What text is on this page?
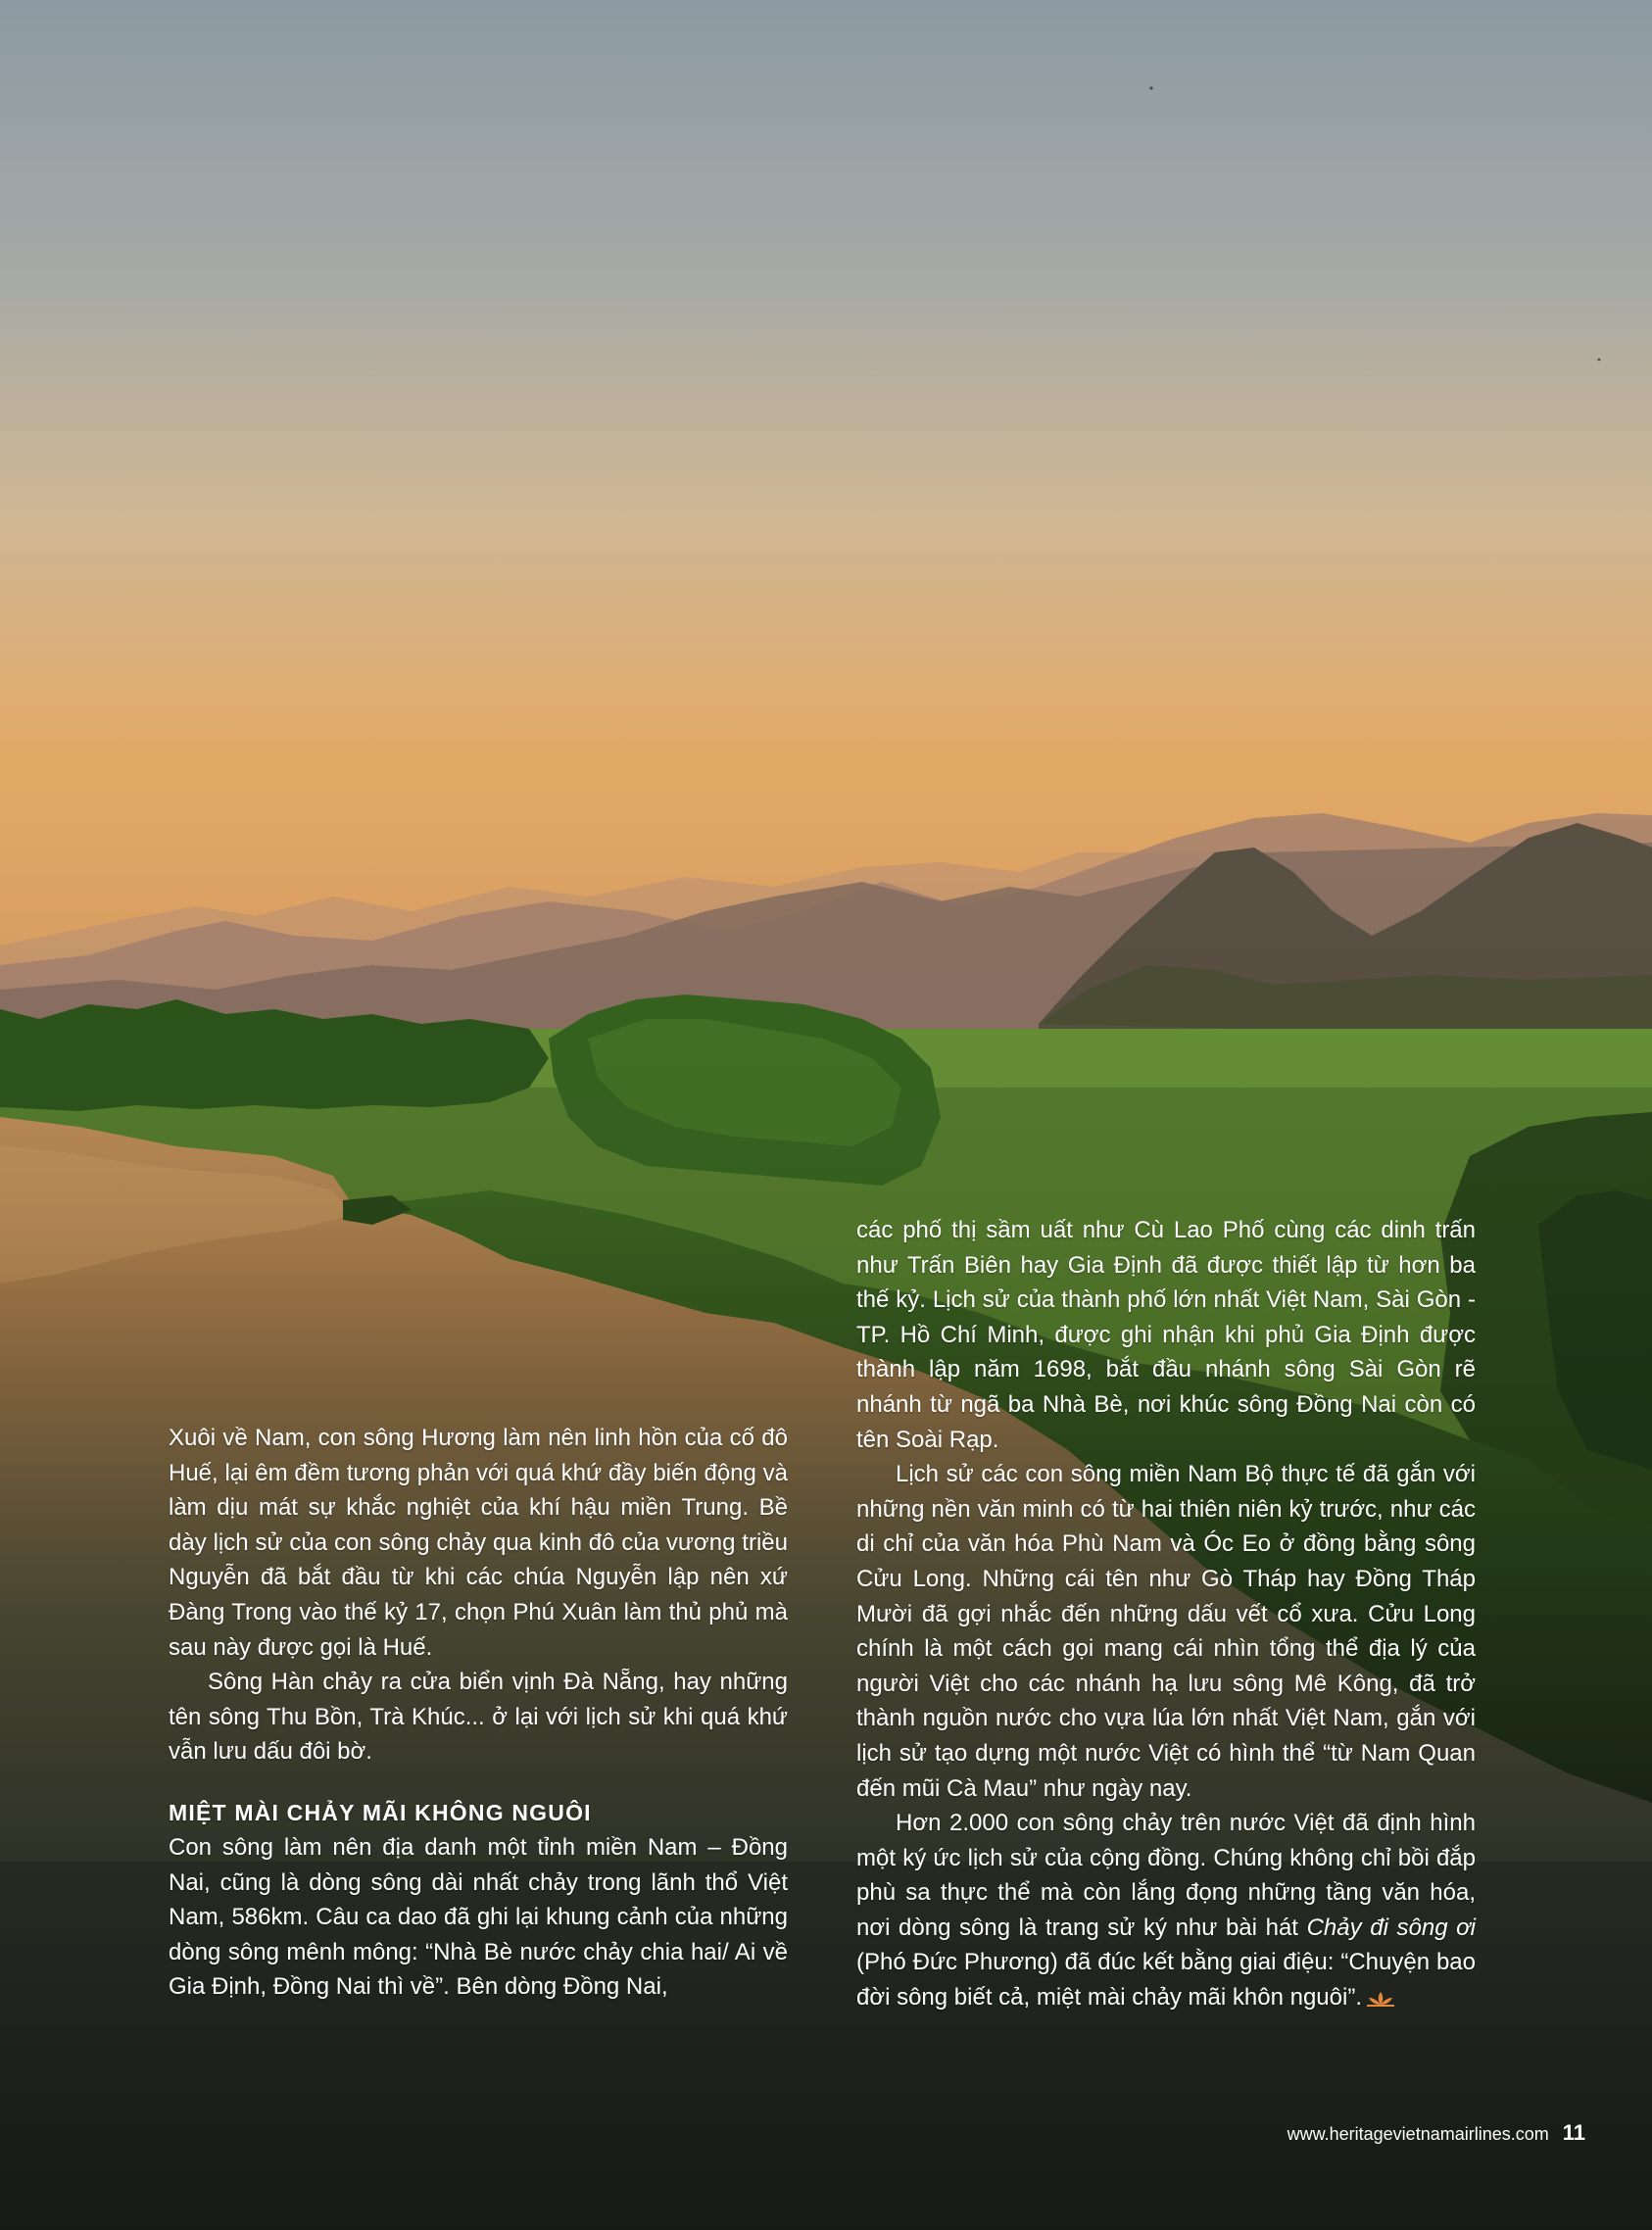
Xuôi về Nam, con sông Hương làm nên linh hồn của cố đô Huế, lại êm đềm tương phản với quá khứ đầy biến động và làm dịu mát sự khắc nghiệt của khí hậu miền Trung. Bề dày lịch sử của con sông chảy qua kinh đô của vương triều Nguyễn đã bắt đầu từ khi các chúa Nguyễn lập nên xứ Đàng Trong vào thế kỷ 17, chọn Phú Xuân làm thủ phủ mà sau này được gọi là Huế.

Sông Hàn chảy ra cửa biển vịnh Đà Nẵng, hay những tên sông Thu Bồn, Trà Khúc... ở lại với lịch sử khi quá khứ vẫn lưu dấu đôi bờ.

MIỆT MÀI CHẢY MÃI KHÔNG NGUÔI

Con sông làm nên địa danh một tỉnh miền Nam – Đồng Nai, cũng là dòng sông dài nhất chảy trong lãnh thổ Việt Nam, 586km. Câu ca dao đã ghi lại khung cảnh của những dòng sông mênh mông: “Nhà Bè nước chảy chia hai/ Ai về Gia Định, Đồng Nai thì về”. Bên dòng Đồng Nai,

các phố thị sầm uất như Cù Lao Phố cùng các dinh trấn như Trấn Biên hay Gia Định đã được thiết lập từ hơn ba thế kỷ. Lịch sử của thành phố lớn nhất Việt Nam, Sài Gòn - TP. Hồ Chí Minh, được ghi nhận khi phủ Gia Định được thành lập năm 1698, bắt đầu nhánh sông Sài Gòn rẽ nhánh từ ngã ba Nhà Bè, nơi khúc sông Đồng Nai còn có tên Soài Rạp.

Lịch sử các con sông miền Nam Bộ thực tế đã gắn với những nền văn minh có từ hai thiên niên kỷ trước, như các di chỉ của văn hóa Phù Nam và Óc Eo ở đồng bằng sông Cửu Long. Những cái tên như Gò Tháp hay Đồng Tháp Mười đã gợi nhắc đến những dấu vết cổ xưa. Cửu Long chính là một cách gọi mang cái nhìn tổng thể địa lý của người Việt cho các nhánh hạ lưu sông Mê Kông, đã trở thành nguồn nước cho vựa lúa lớn nhất Việt Nam, gắn với lịch sử tạo dựng một nước Việt có hình thể “từ Nam Quan đến mũi Cà Mau” như ngày nay.

Hơn 2.000 con sông chảy trên nước Việt đã định hình một ký ức lịch sử của cộng đồng. Chúng không chỉ bồi đắp phù sa thực thể mà còn lắng đọng những tầng văn hóa, nơi dòng sông là trang sử ký như bài hát Chảy đi sông ơi (Phó Đức Phương) đã đúc kết bằng giai điệu: “Chuyện bao đời sông biết cả, miệt mài chảy mãi khôn nguôi”.

www.heritagevietnamairlines.com 11
